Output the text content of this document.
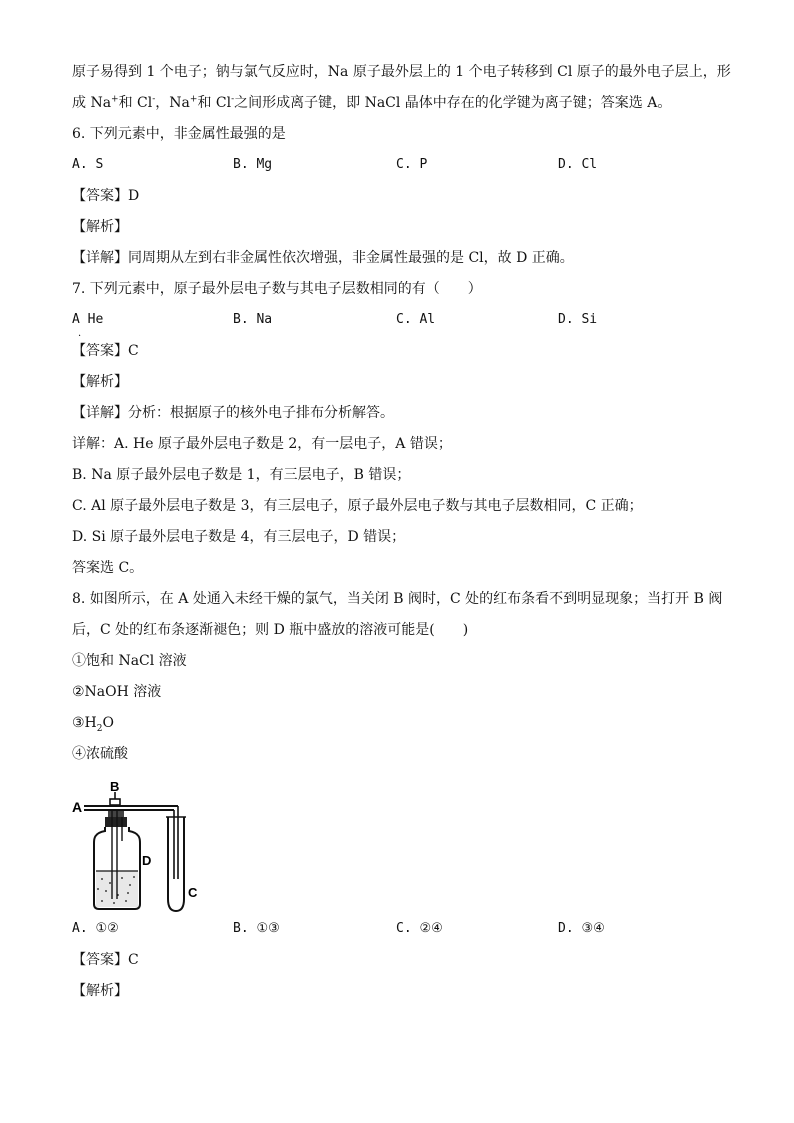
原子易得到 1 个电子；钠与氯气反应时，Na 原子最外层上的 1 个电子转移到 Cl 原子的最外电子层上，形
成 Na+和 Cl-，Na+和 Cl-之间形成离子键，即 NaCl 晶体中存在的化学键为离子键；答案选 A。
6. 下列元素中，非金属性最强的是
A. S	B. Mg	C. P	D. Cl
【答案】D
【解析】
【详解】同周期从左到右非金属性依次增强，非金属性最强的是 Cl，故 D 正确。
7. 下列元素中，原子最外层电子数与其电子层数相同的有（　　）
A He	B. Na	C. Al	D. Si
·
【答案】C
【解析】
【详解】分析：根据原子的核外电子排布分析解答。
详解：A. He 原子最外层电子数是 2，有一层电子，A 错误；
B. Na 原子最外层电子数是 1，有三层电子，B 错误；
C. Al 原子最外层电子数是 3，有三层电子，原子最外层电子数与其电子层数相同，C 正确；
D. Si 原子最外层电子数是 4，有三层电子，D 错误；
答案选 C。
8. 如图所示，在 A 处通入未经干燥的氯气，当关闭 B 阀时，C 处的红布条看不到明显现象；当打开 B 阀
后，C 处的红布条逐渐褪色；则 D 瓶中盛放的溶液可能是(　　)
①饱和 NaCl 溶液
②NaOH 溶液
$③H_2O$
④浓硫酸
A
B
D
C
A. ①②	B. ①③	C. ②④	D. ③④
【答案】C
【解析】
